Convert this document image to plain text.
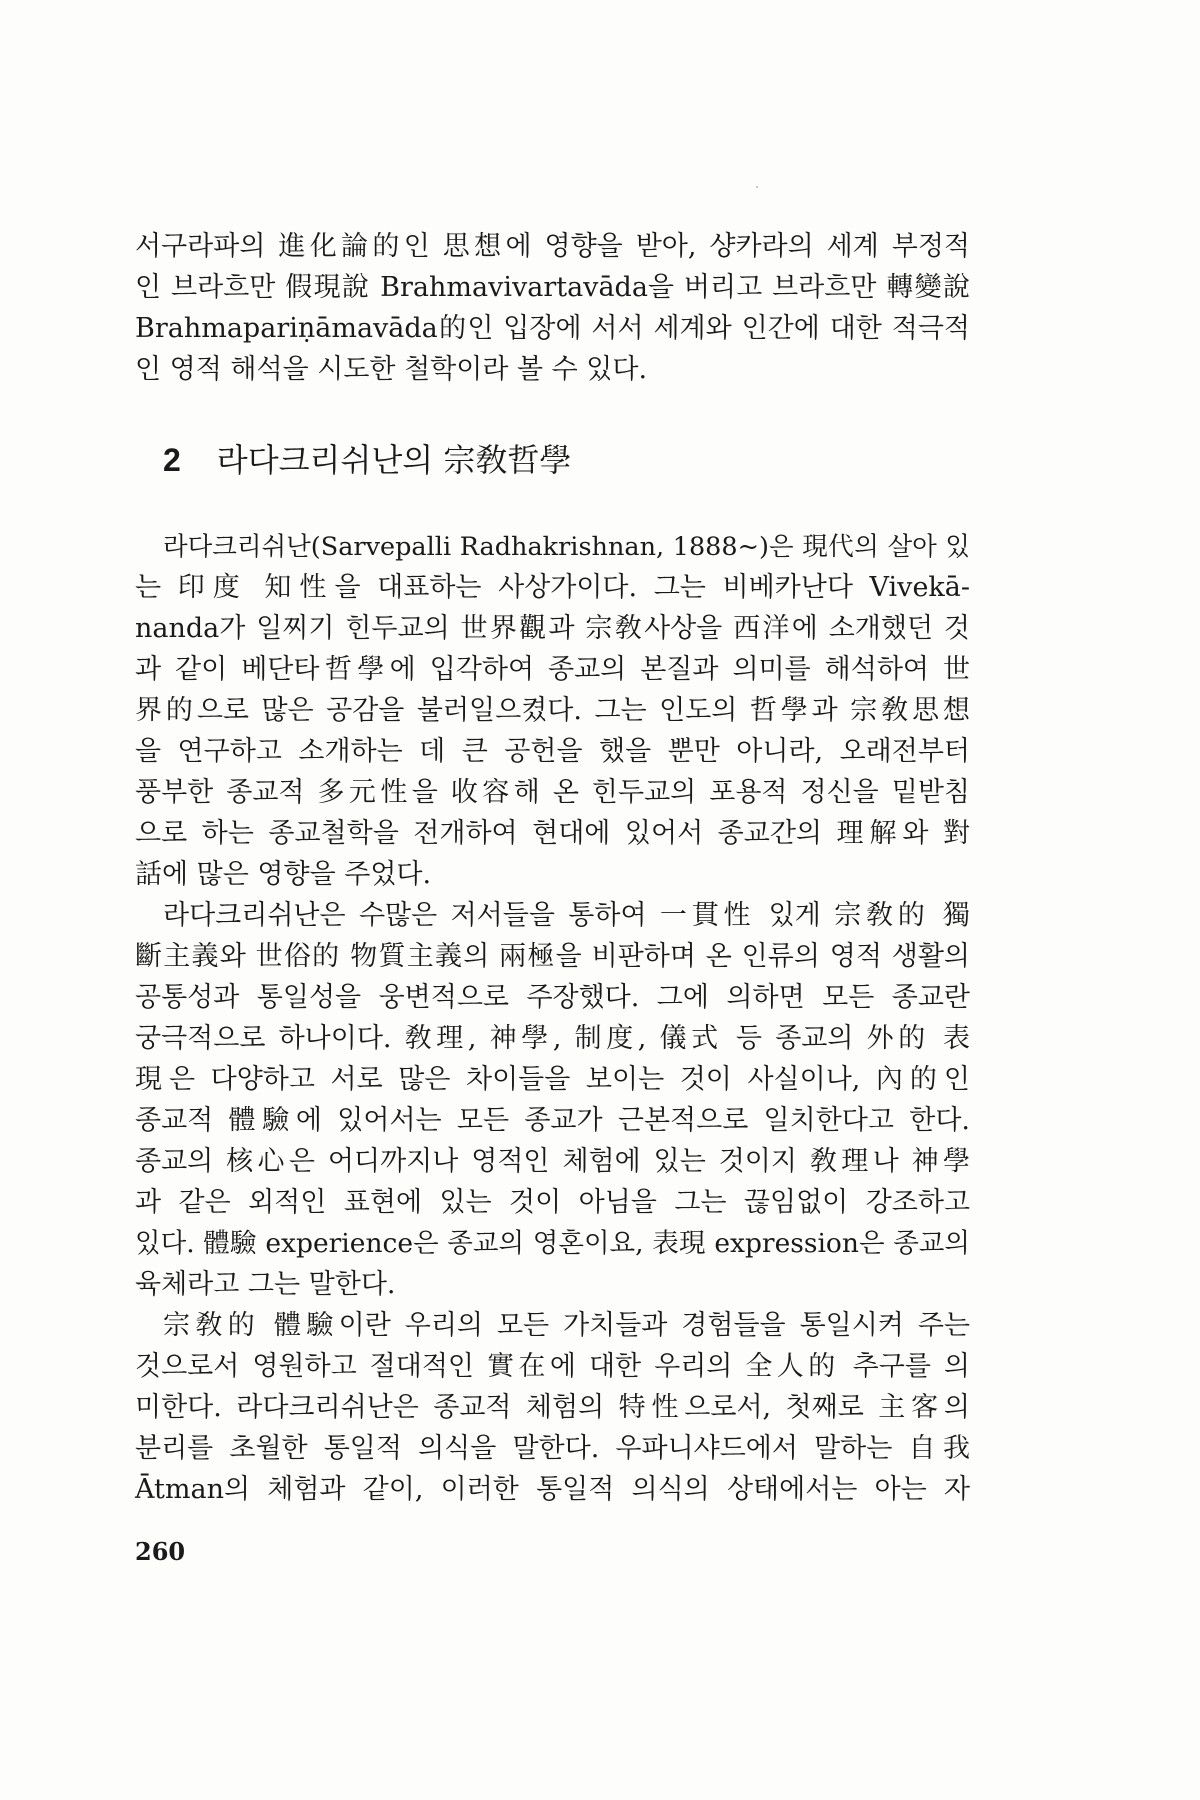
서구라파의 進化論的인 思想에 영향을 받아, 샹카라의 세계 부정적
인 브라흐만 假現說 Brahmavivartavāda을 버리고 브라흐만 轉變說
Brahmapariṇāmavāda的인 입장에 서서 세계와 인간에 대한 적극적
인 영적 해석을 시도한 철학이라 볼 수 있다.
2 라다크리쉬난의 宗敎哲學
라다크리쉬난(Sarvepalli Radhakrishnan, 1888~)은 現代의 살아 있
는 印度 知性을 대표하는 사상가이다. 그는 비베카난다 Vivekā-
nanda가 일찌기 힌두교의 世界觀과 宗敎사상을 西洋에 소개했던 것
과 같이 베단타哲學에 입각하여 종교의 본질과 의미를 해석하여 世
界的으로 많은 공감을 불러일으켰다. 그는 인도의 哲學과 宗敎思想
을 연구하고 소개하는 데 큰 공헌을 했을 뿐만 아니라, 오래전부터
풍부한 종교적 多元性을 收容해 온 힌두교의 포용적 정신을 밑받침
으로 하는 종교철학을 전개하여 현대에 있어서 종교간의 理解와 對
話에 많은 영향을 주었다.
라다크리쉬난은 수많은 저서들을 통하여 一貫性 있게 宗敎的 獨
斷主義와 世俗的 物質主義의 兩極을 비판하며 온 인류의 영적 생활의
공통성과 통일성을 웅변적으로 주장했다. 그에 의하면 모든 종교란
궁극적으로 하나이다. 敎理, 神學, 制度, 儀式 등 종교의 外的 表
現은 다양하고 서로 많은 차이들을 보이는 것이 사실이나, 內的인
종교적 體驗에 있어서는 모든 종교가 근본적으로 일치한다고 한다.
종교의 核心은 어디까지나 영적인 체험에 있는 것이지 敎理나 神學
과 같은 외적인 표현에 있는 것이 아님을 그는 끊임없이 강조하고
있다. 體驗 experience은 종교의 영혼이요, 表現 expression은 종교의
육체라고 그는 말한다.
宗敎的 體驗이란 우리의 모든 가치들과 경험들을 통일시켜 주는
것으로서 영원하고 절대적인 實在에 대한 우리의 全人的 추구를 의
미한다. 라다크리쉬난은 종교적 체험의 特性으로서, 첫째로 主客의
분리를 초월한 통일적 의식을 말한다. 우파니샤드에서 말하는 自我
Ātman의 체험과 같이, 이러한 통일적 의식의 상태에서는 아는 자
260
